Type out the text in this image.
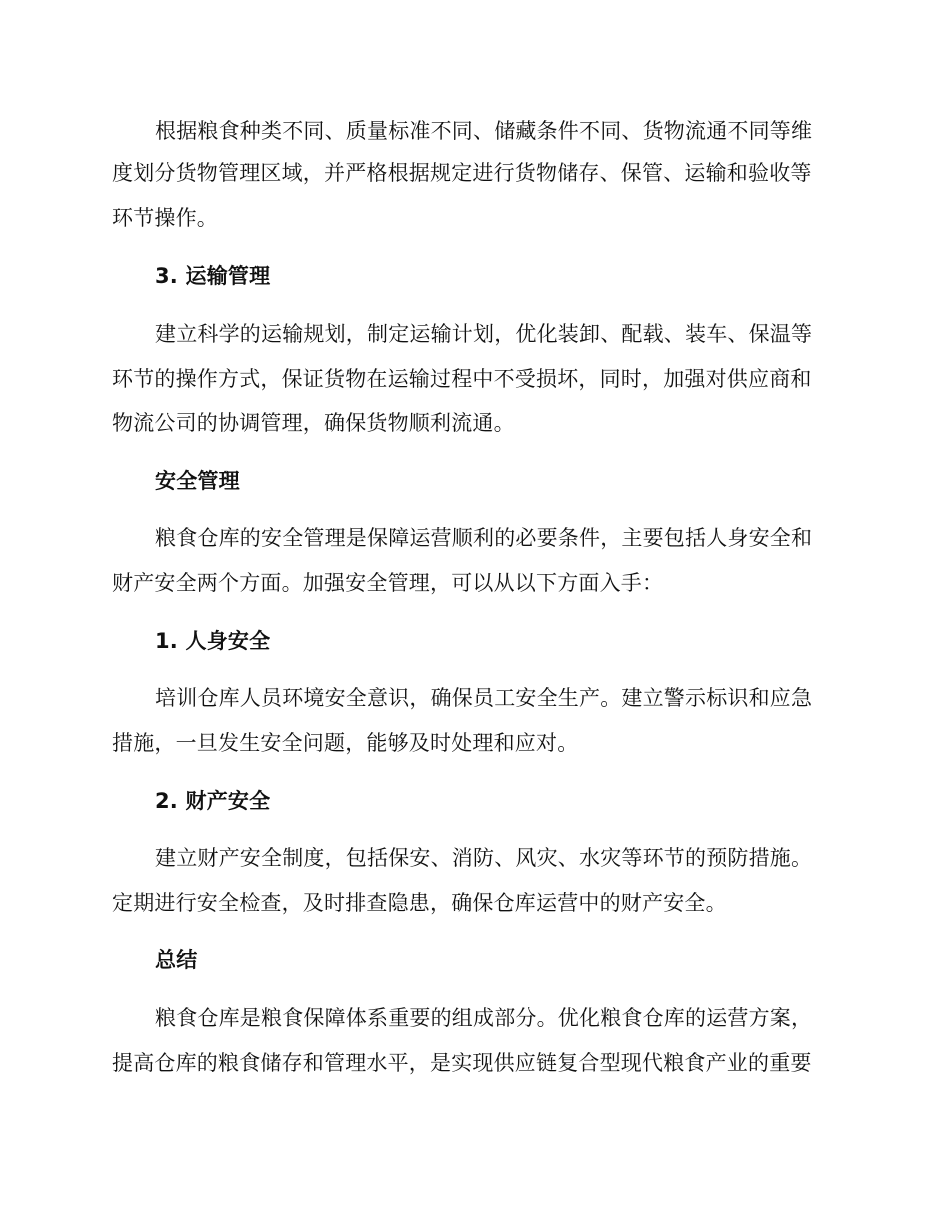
根据粮食种类不同、质量标准不同、储藏条件不同、货物流通不同等维
度划分货物管理区域，并严格根据规定进行货物储存、保管、运输和验收等
环节操作。
3. 运输管理
建立科学的运输规划，制定运输计划，优化装卸、配载、装车、保温等
环节的操作方式，保证货物在运输过程中不受损坏，同时，加强对供应商和
物流公司的协调管理，确保货物顺利流通。
安全管理
粮食仓库的安全管理是保障运营顺利的必要条件，主要包括人身安全和
财产安全两个方面。加强安全管理，可以从以下方面入手：
1. 人身安全
培训仓库人员环境安全意识，确保员工安全生产。建立警示标识和应急
措施，一旦发生安全问题，能够及时处理和应对。
2. 财产安全
建立财产安全制度，包括保安、消防、风灾、水灾等环节的预防措施。
定期进行安全检查，及时排查隐患，确保仓库运营中的财产安全。
总结
粮食仓库是粮食保障体系重要的组成部分。优化粮食仓库的运营方案，
提高仓库的粮食储存和管理水平，是实现供应链复合型现代粮食产业的重要
